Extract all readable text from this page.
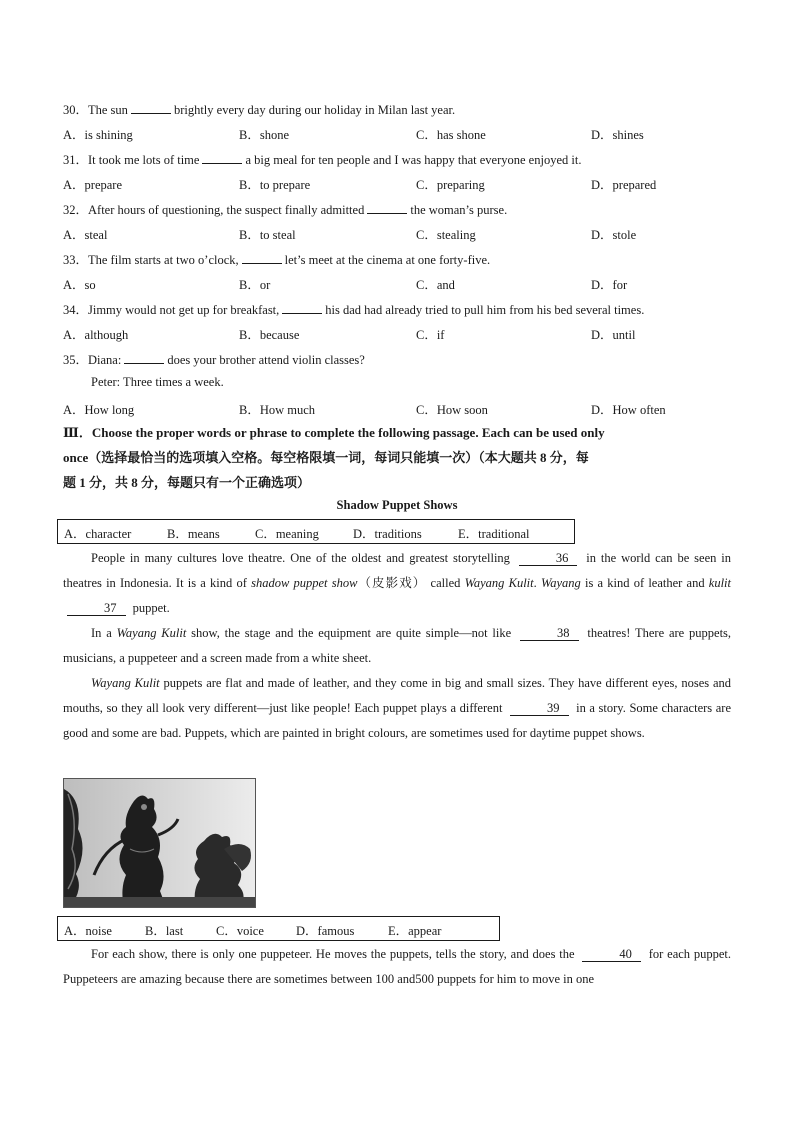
30．The sun	brightly every day during our holiday in Milan last year.
A．is shining	B．shone	C．has shone	D．shines
31．It took me lots of time	a big meal for ten people and I was happy that everyone enjoyed it.
A．prepare	B．to prepare	C．preparing	D．prepared
32．After hours of questioning, the suspect finally admitted	the woman’s purse.
A．steal	B．to steal	C．stealing	D．stole
33．The film starts at two o’clock,	let’s meet at the cinema at one forty-five.
A．so	B．or	C．and	D．for
34．Jimmy would not get up for breakfast,	his dad had already tried to pull him from his bed several times.
A．although	B．because	C．if	D．until
35．Diana:	does your brother attend violin classes?
Peter: Three times a week.
A．How long	B．How much	C．How soon	D．How often
Ⅲ．Choose the proper words or phrase to complete the following passage. Each can be used only
once（选择最恰当的选项填入空格。每空格限填一词，每词只能填一次）（本大题共 8 分，每
题 1 分，共 8 分，每题只有一个正确选项）
Shadow Puppet Shows
A．character	B．means	C．meaning	D．traditions	E．traditional

People in many cultures love theatre. One of the oldest and greatest storytelling	36 in the world can be seen in theatres in Indonesia. It is a kind of shadow puppet show（皮影戏） called Wayang Kulit. Wayang is a kind of leather and kulit 37 puppet.

In a Wayang Kulit show, the stage and the equipment are quite simple—not like	38 theatres! There are puppets, musicians, a puppeteer and a screen made from a white sheet.

Wayang Kulit puppets are flat and made of leather, and they come in big and small sizes. They have different eyes, noses and mouths, so they all look very different—just like people! Each puppet plays a different	39 in a story. Some characters are good and some are bad. Puppets, which are painted in bright colours, are sometimes used for daytime puppet shows.

A．noise	B．last	C．voice	D．famous	E．appear

For each show, there is only one puppeteer. He moves the puppets, tells the story, and does the	40 for each puppet. Puppeteers are amazing because there are sometimes between 100 and500 puppets for him to move in one
